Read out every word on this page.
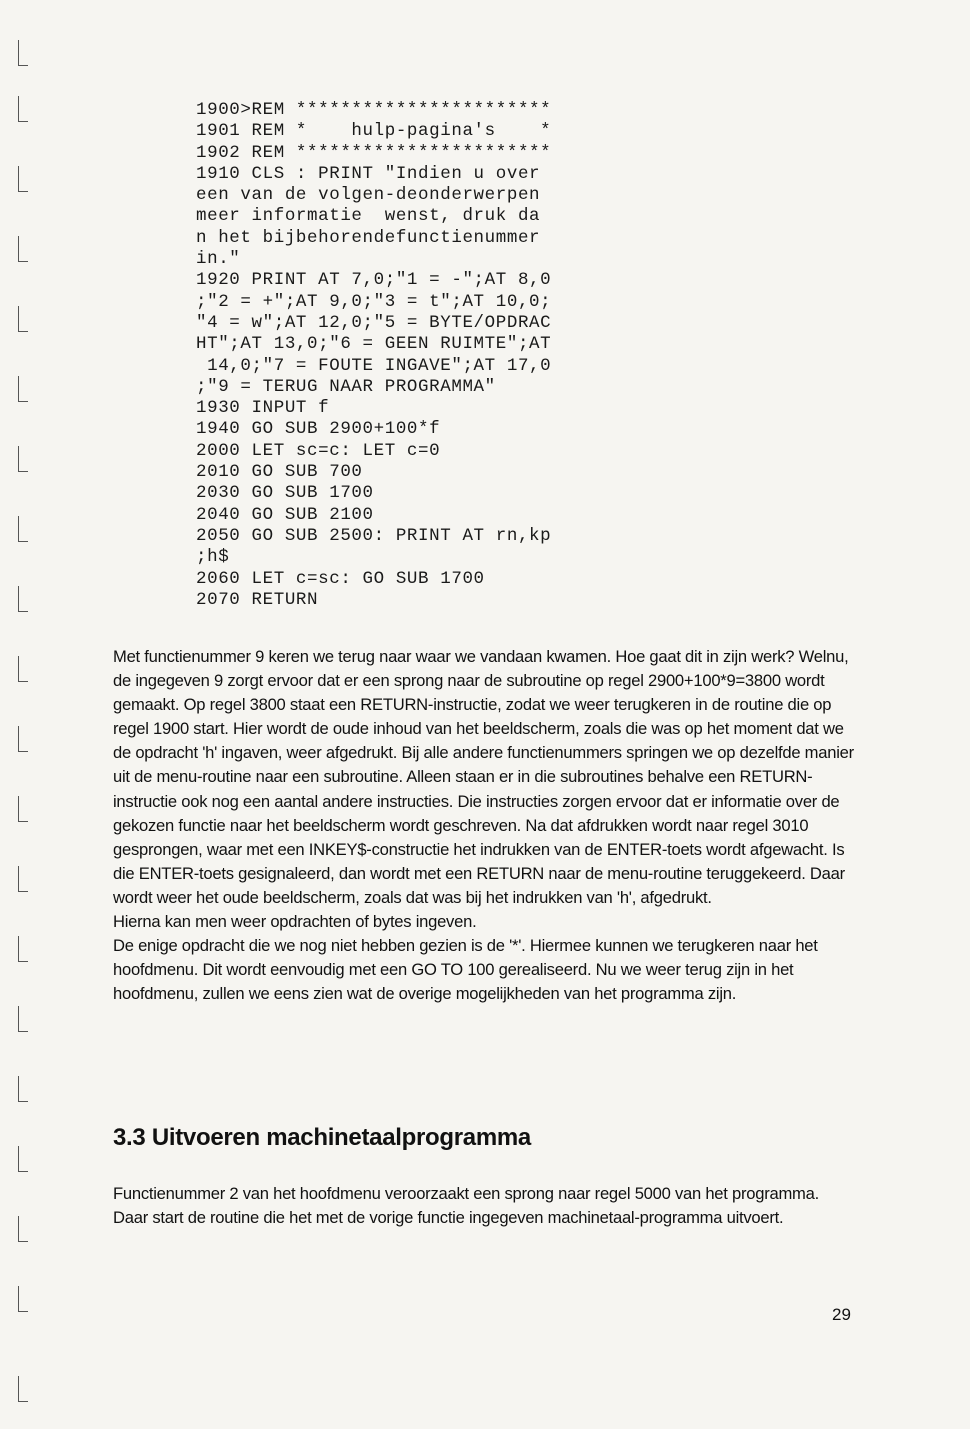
1900>REM ***********************
1901 REM *    hulp-pagina's    *
1902 REM ***********************
1910 CLS : PRINT "Indien u over
een van de volgen-deonderwerpen
meer informatie  wenst, druk da
n het bijbehorendefunctienummer
in."
1920 PRINT AT 7,0;"1 = -";AT 8,0
;"2 = +";AT 9,0;"3 = t";AT 10,0;
"4 = w";AT 12,0;"5 = BYTE/OPDRAC
HT";AT 13,0;"6 = GEEN RUIMTE";AT
14,0;"7 = FOUTE INGAVE";AT 17,0
;"9 = TERUG NAAR PROGRAMMA"
1930 INPUT f
1940 GO SUB 2900+100*f
2000 LET sc=c: LET c=0
2010 GO SUB 700
2030 GO SUB 1700
2040 GO SUB 2100
2050 GO SUB 2500: PRINT AT rn,kp
;h$
2060 LET c=sc: GO SUB 1700
2070 RETURN

Met functienummer 9 keren we terug naar waar we vandaan kwamen. Hoe gaat dit in zijn werk? Welnu, de ingegeven 9 zorgt ervoor dat er een sprong naar de subroutine op regel 2900+100*9=3800 wordt gemaakt. Op regel 3800 staat een RETURN-instructie, zodat we weer terugkeren in de routine die op regel 1900 start. Hier wordt de oude inhoud van het beeldscherm, zoals die was op het moment dat we de opdracht 'h' ingaven, weer afgedrukt. Bij alle andere functienummers springen we op dezelfde manier uit de menu-routine naar een subroutine. Alleen staan er in die subroutines behalve een RETURN-instructie ook nog een aantal andere instructies. Die instructies zorgen ervoor dat er informatie over de gekozen functie naar het beeldscherm wordt geschreven. Na dat afdrukken wordt naar regel 3010 gesprongen, waar met een INKEY$-constructie het indrukken van de ENTER-toets wordt afgewacht. Is die ENTER-toets gesignaleerd, dan wordt met een RETURN naar de menu-routine teruggekeerd. Daar wordt weer het oude beeldscherm, zoals dat was bij het indrukken van 'h', afgedrukt.

Hierna kan men weer opdrachten of bytes ingeven.

De enige opdracht die we nog niet hebben gezien is de '*'. Hiermee kunnen we terugkeren naar het hoofdmenu. Dit wordt eenvoudig met een GO TO 100 gerealiseerd. Nu we weer terug zijn in het hoofdmenu, zullen we eens zien wat de overige mogelijkheden van het programma zijn.

3.3 Uitvoeren machinetaalprogramma

Functienummer 2 van het hoofdmenu veroorzaakt een sprong naar regel 5000 van het programma. Daar start de routine die het met de vorige functie ingegeven machinetaal-programma uitvoert.

29
